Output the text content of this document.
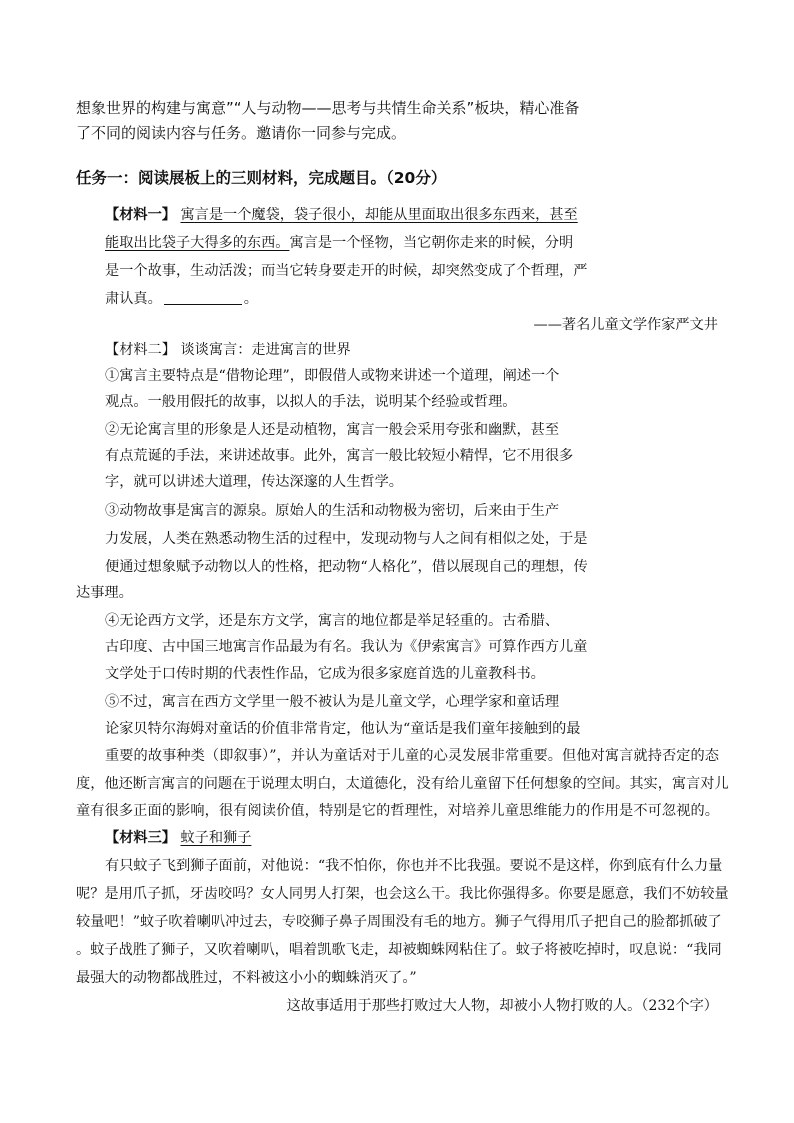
想象世界的构建与寓意”“人与动物——思考与共情生命关系”板块，精心准备
了不同的阅读内容与任务。邀请你一同参与完成。
任务一：阅读展板上的三则材料，完成题目。（20分）
【材料一】 寓言是一个魔袋，袋子很小，却能从里面取出很多东西来，甚至
能取出比袋子大得多的东西。寓言是一个怪物，当它朝你走来的时候，分明
是一个故事，生动活泼；而当它转身要走开的时候，却突然变成了个哲理，严
肃认真。	。
——著名儿童文学作家严文井
【材料二】 谈谈寓言：走进寓言的世界
①寓言主要特点是“借物论理”，即假借人或物来讲述一个道理，阐述一个
观点。一般用假托的故事，以拟人的手法，说明某个经验或哲理。
②无论寓言里的形象是人还是动植物，寓言一般会采用夸张和幽默，甚至
有点荒诞的手法，来讲述故事。此外，寓言一般比较短小精悍，它不用很多
字，就可以讲述大道理，传达深邃的人生哲学。
③动物故事是寓言的源泉。原始人的生活和动物极为密切，后来由于生产
力发展，人类在熟悉动物生活的过程中，发现动物与人之间有相似之处，于是
便通过想象赋予动物以人的性格，把动物“人格化”，借以展现自己的理想，传
达事理。
④无论西方文学，还是东方文学，寓言的地位都是举足轻重的。古希腊、
古印度、古中国三地寓言作品最为有名。我认为《伊索寓言》可算作西方儿童
文学处于口传时期的代表性作品，它成为很多家庭首选的儿童教科书。
⑤不过，寓言在西方文学里一般不被认为是儿童文学，心理学家和童话理
论家贝特尔海姆对童话的价值非常肯定，他认为“童话是我们童年接触到的最
重要的故事种类（即叙事）”，并认为童话对于儿童的心灵发展非常重要。但他对寓言就持否定的态
度，他还断言寓言的问题在于说理太明白，太道德化，没有给儿童留下任何想象的空间。其实，寓言对儿
童有很多正面的影响，很有阅读价值，特别是它的哲理性，对培养儿童思维能力的作用是不可忽视的。
【材料三】 蚊子和狮子
有只蚊子飞到狮子面前，对他说：“我不怕你，你也并不比我强。要说不是这样，你到底有什么力量
呢？是用爪子抓，牙齿咬吗？女人同男人打架，也会这么干。我比你强得多。你要是愿意，我们不妨较量
较量吧！”蚊子吹着喇叭冲过去，专咬狮子鼻子周围没有毛的地方。狮子气得用爪子把自己的脸都抓破了
。蚊子战胜了狮子，又吹着喇叭，唱着凯歌飞走，却被蜘蛛网粘住了。蚊子将被吃掉时，叹息说：“我同
最强大的动物都战胜过，不料被这小小的蜘蛛消灭了。”
这故事适用于那些打败过大人物，却被小人物打败的人。（232个字）
